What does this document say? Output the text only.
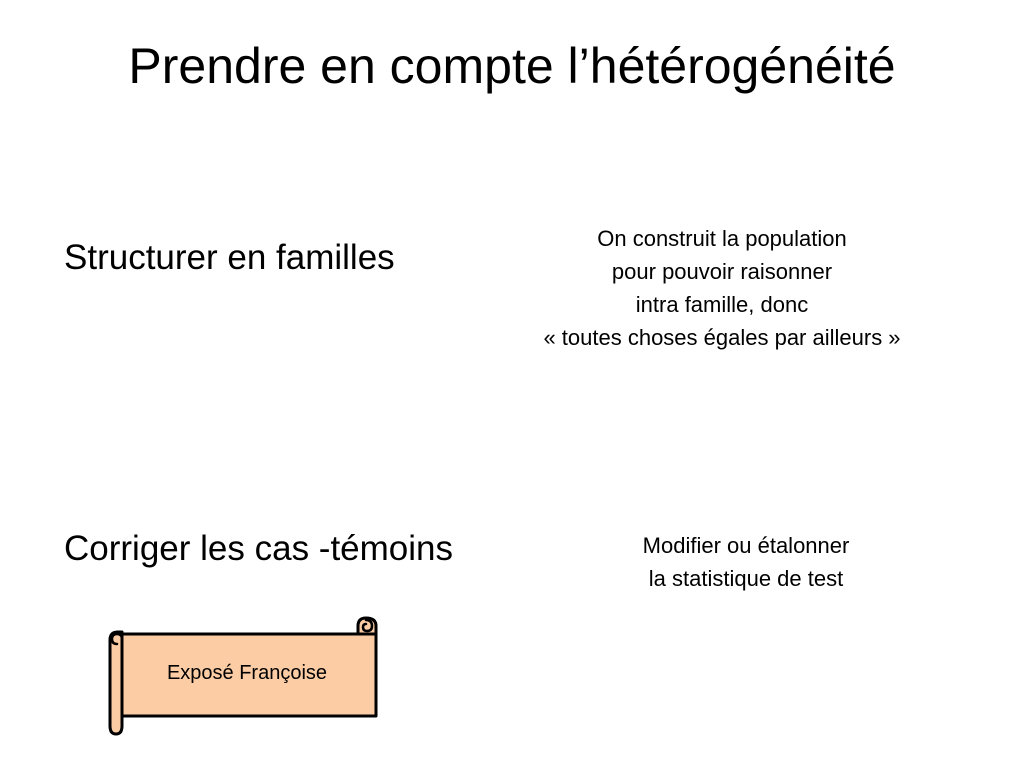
Prendre en compte l’hétérogénéité
Structurer en familles	On construit la population
pour pouvoir raisonner
intra famille, donc
« toutes choses égales par ailleurs »
Corriger les cas -témoins	Modifier ou étalonner
la statistique de test
Exposé Françoise
